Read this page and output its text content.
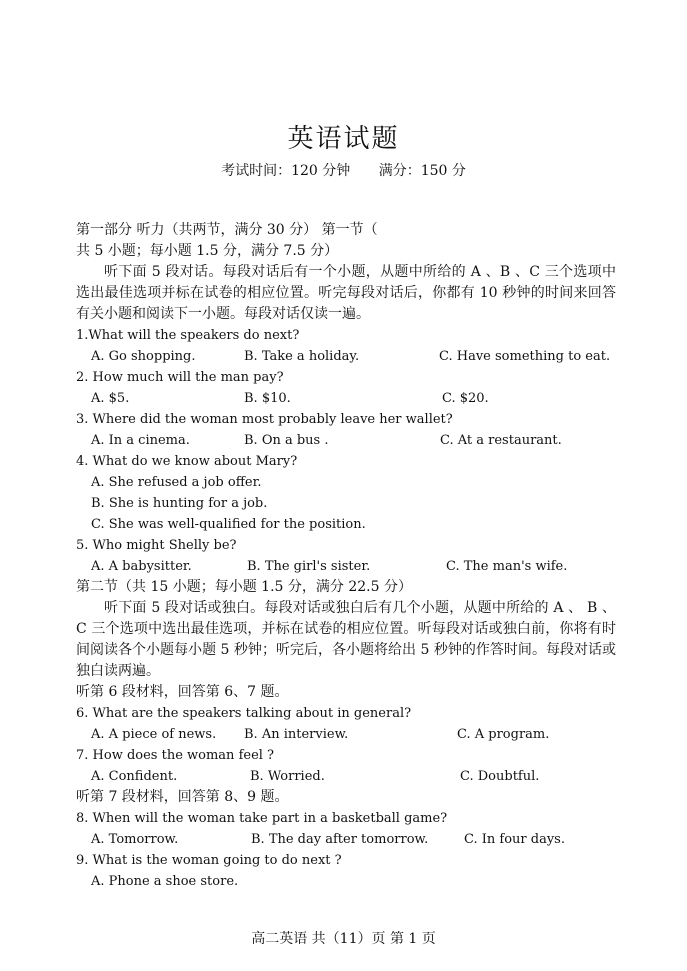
英语试题
考试时间：120 分钟 满分：150 分
第一部分 听力（共两节，满分 30 分） 第一节（
共 5 小题；每小题 1.5 分，满分 7.5 分）
听下面 5 段对话。每段对话后有一个小题，从题中所给的 A 、B 、C 三个选项中选出最佳选项并标在试卷的相应位置。听完每段对话后，你都有 10 秒钟的时间来回答有关小题和阅读下一小题。每段对话仅读一遍。
1.What will the speakers do next?
A. Go shopping.	B. Take a holiday.	C. Have something to eat.
2. How much will the man pay?
A. $5.	B. $10.	C. $20.
3. Where did the woman most probably leave her wallet?
A. In a cinema.	B. On a bus .	C. At a restaurant.
4. What do we know about Mary?
A. She refused a job offer.
B. She is hunting for a job.
C. She was well-qualified for the position.
5. Who might Shelly be?
A. A babysitter.	B. The girl's sister.	C. The man's wife.
第二节（共 15 小题；每小题 1.5 分，满分 22.5 分）
听下面 5 段对话或独白。每段对话或独白后有几个小题，从题中所给的 A 、 B 、 C 三个选项中选出最佳选项，并标在试卷的相应位置。听每段对话或独白前，你将有时间阅读各个小题每小题 5 秒钟；听完后，各小题将给出 5 秒钟的作答时间。每段对话或独白读两遍。
听第 6 段材料，回答第 6、7 题。
6. What are the speakers talking about in general?
A. A piece of news. B. An interview.	C. A program.
7. How does the woman feel ?
A. Confident.	B. Worried.	C. Doubtful.
听第 7 段材料，回答第 8、9 题。
8. When will the woman take part in a basketball game?
A. Tomorrow.	B. The day after tomorrow.	C. In four days.
9. What is the woman going to do next ?
A. Phone a shoe store.
高二英语 共（11）页 第 1 页
